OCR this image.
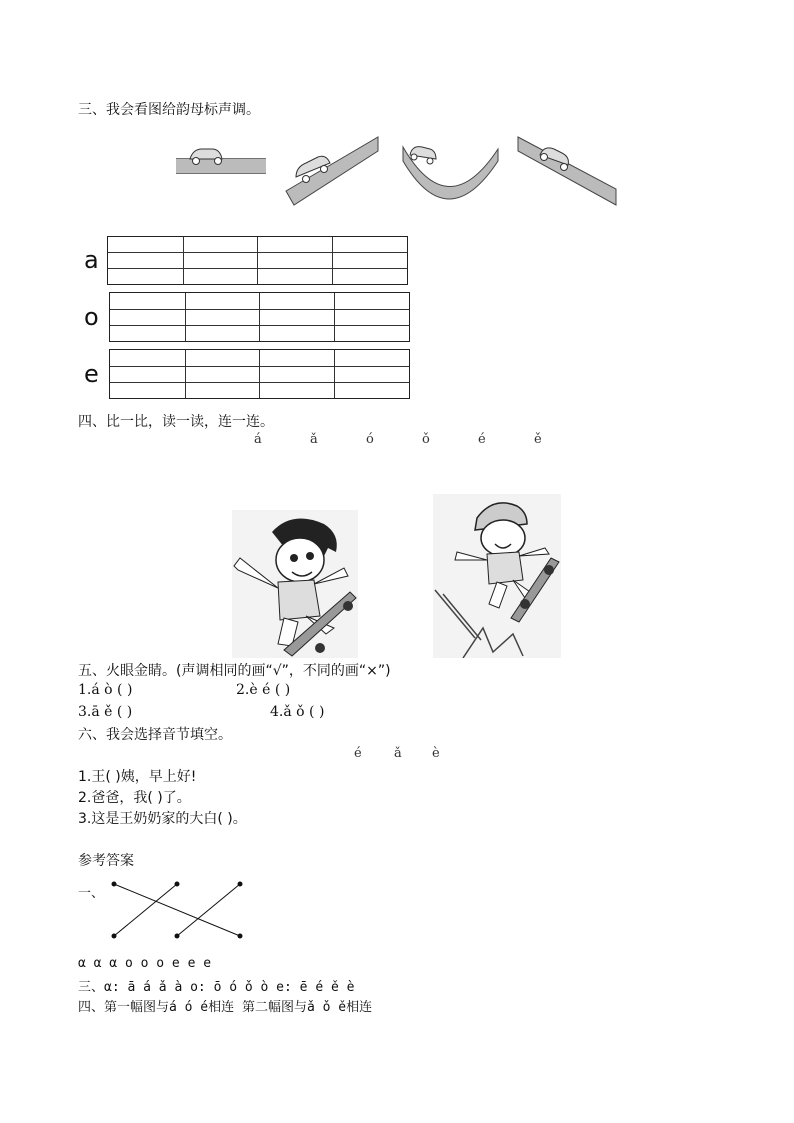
三、我会看图给韵母标声调。
a
o
e
四、比一比，读一读，连一连。
á	ǎ	ó	ǒ	é	ě
五、火眼金睛。(声调相同的画“√”，不同的画“×”)
1.á ò ( )	2.è é ( )
3.ā ě ( )	4.ǎ ǒ ( )
六、我会选择音节填空。
é ǎ è
1.王( )姨，早上好!
2.爸爸，我( )了。
3.这是王奶奶家的大白( )。
参考答案
一、
α α α o o o e e e
三、α: ā á ǎ à o: ō ó ǒ ò e: ē é ě è
四、第一幅图与á ó é相连 第二幅图与ǎ ǒ ě相连
